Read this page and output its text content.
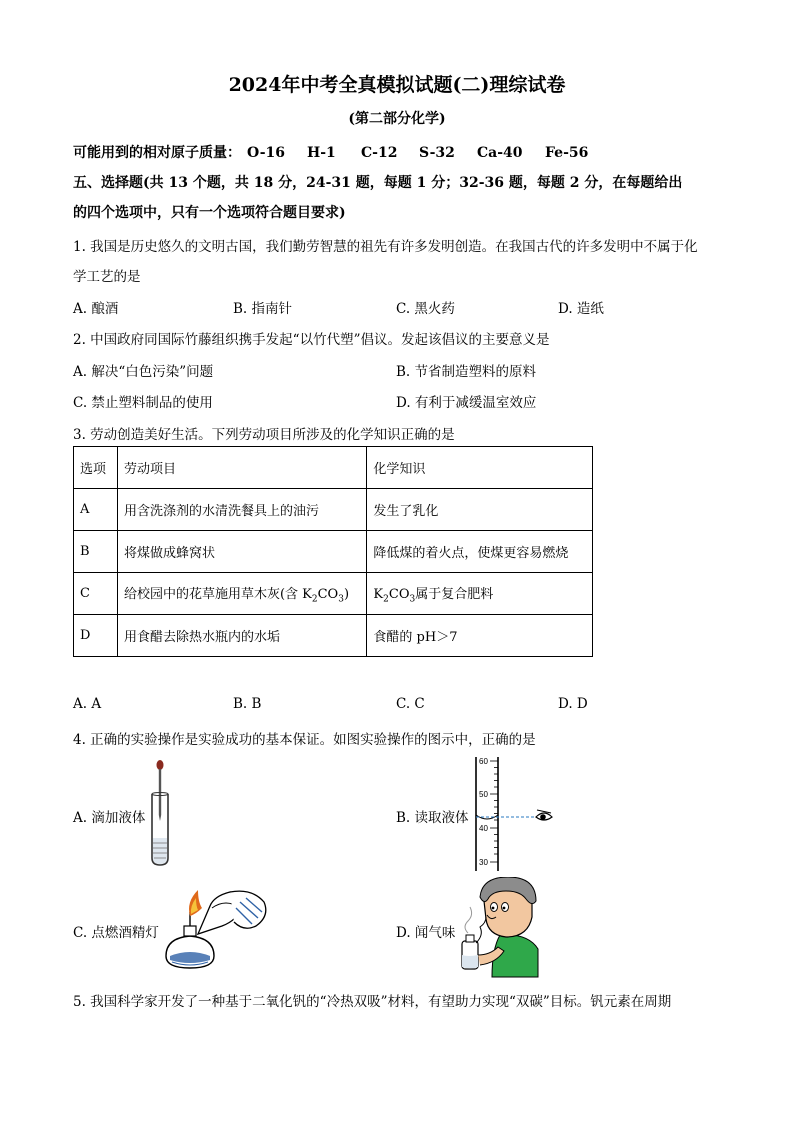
2024年中考全真模拟试题(二)理综试卷
(第二部分化学)
可能用到的相对原子质量： O-16 H-1 C-12 S-32 Ca-40 Fe-56
五、选择题(共 13 个题，共 18 分，24-31 题，每题 1 分；32-36 题，每题 2 分，在每题给出
的四个选项中，只有一个选项符合题目要求)
1. 我国是历史悠久的文明古国，我们勤劳智慧的祖先有许多发明创造。在我国古代的许多发明中不属于化
学工艺的是
A. 酿酒	B. 指南针	C. 黑火药	D. 造纸
2. 中国政府同国际竹藤组织携手发起“以竹代塑”倡议。发起该倡议的主要意义是
A. 解决“白色污染”问题	B. 节省制造塑料的原料
C. 禁止塑料制品的使用	D. 有利于减缓温室效应
3. 劳动创造美好生活。下列劳动项目所涉及的化学知识正确的是
选项	劳动项目	化学知识
A	用含洗涤剂的水清洗餐具上的油污	发生了乳化
B	将煤做成蜂窝状	降低煤的着火点，使煤更容易燃烧
C	给校园中的花草施用草木灰(含 $K_2CO_3$)	$K_2CO_3$属于复合肥料
D	用食醋去除热水瓶内的水垢	食醋的 pH＞7
A. A	B. B	C. C	D. D
4. 正确的实验操作是实验成功的基本保证。如图实验操作的图示中，正确的是
A. 滴加液体	B. 读取液体
60
50
40
30
C. 点燃酒精灯	D. 闻气味
5. 我国科学家开发了一种基于二氧化钒的“冷热双吸”材料，有望助力实现“双碳”目标。钒元素在周期
